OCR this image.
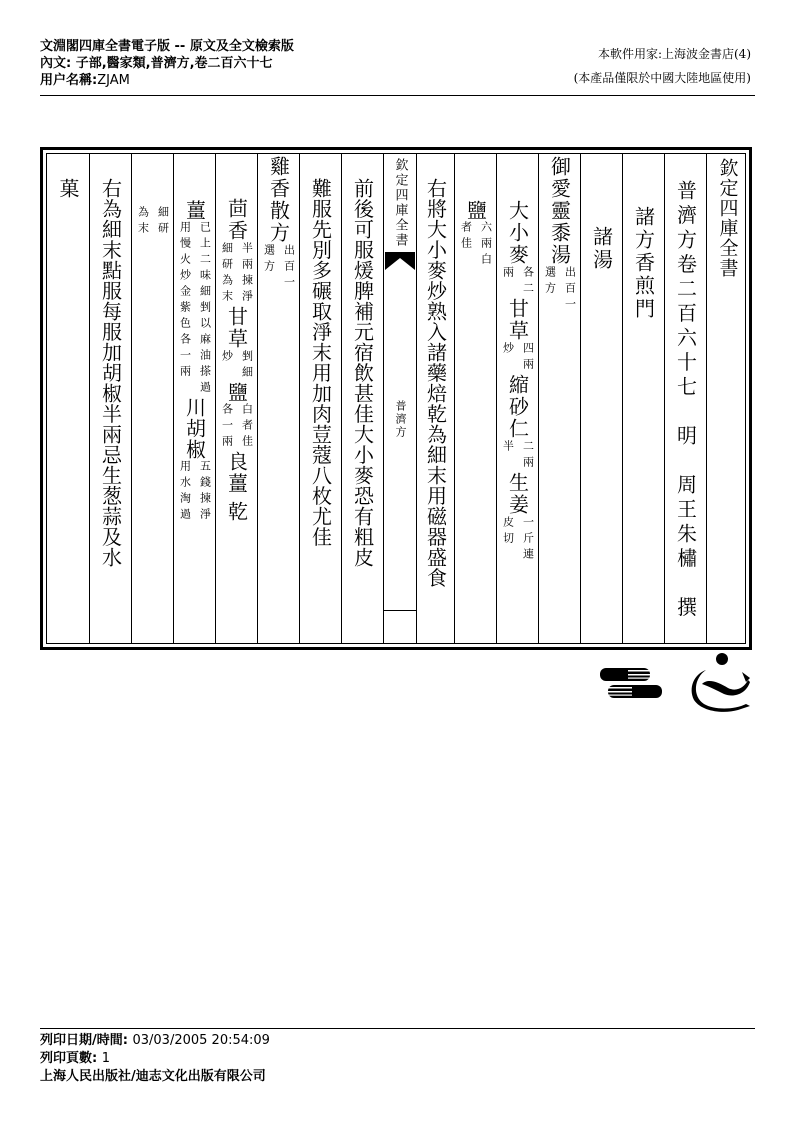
文淵閣四庫全書電子版 -- 原文及全文檢索版
內文: 子部,醫家類,普濟方,卷二百六十七
用户名稱:ZJAM
本軟件用家:上海波金書店(4)
(本產品僅限於中國大陸地區使用)
欽定四庫全書
普濟方卷二百六十七　明　周王朱橚　撰
諸方香煎門
諸湯
御愛靈黍湯
出百一
選方
大小麥
各二
兩
甘草
四兩
炒
縮砂仁
二兩
半
生姜
一斤連
皮切
鹽
六兩白
者佳
右將大小麥炒熟入諸藥焙乾為細末用磁器盛食
欽定四庫全書
普濟方
前後可服煖脾補元宿飲甚佳大小麥恐有粗皮
難服先別多碾取淨末用加肉荳蔻八枚尤佳
雞香散方
出百一
選方
茴香
半兩揀淨
細研為末
甘草
剉細
炒
鹽
白者佳
各一兩
良薑
乾
薑
已上二味細剉以麻油搽過
用慢火炒金紫色各一兩
川胡椒
五錢揀淨
用水淘過
細研
為末
右為細末點服每服加胡椒半兩忌生葱蒜及水
菓
列印日期/時間: 03/03/2005 20:54:09
列印頁數: 1
上海人民出版社/迪志文化出版有限公司
